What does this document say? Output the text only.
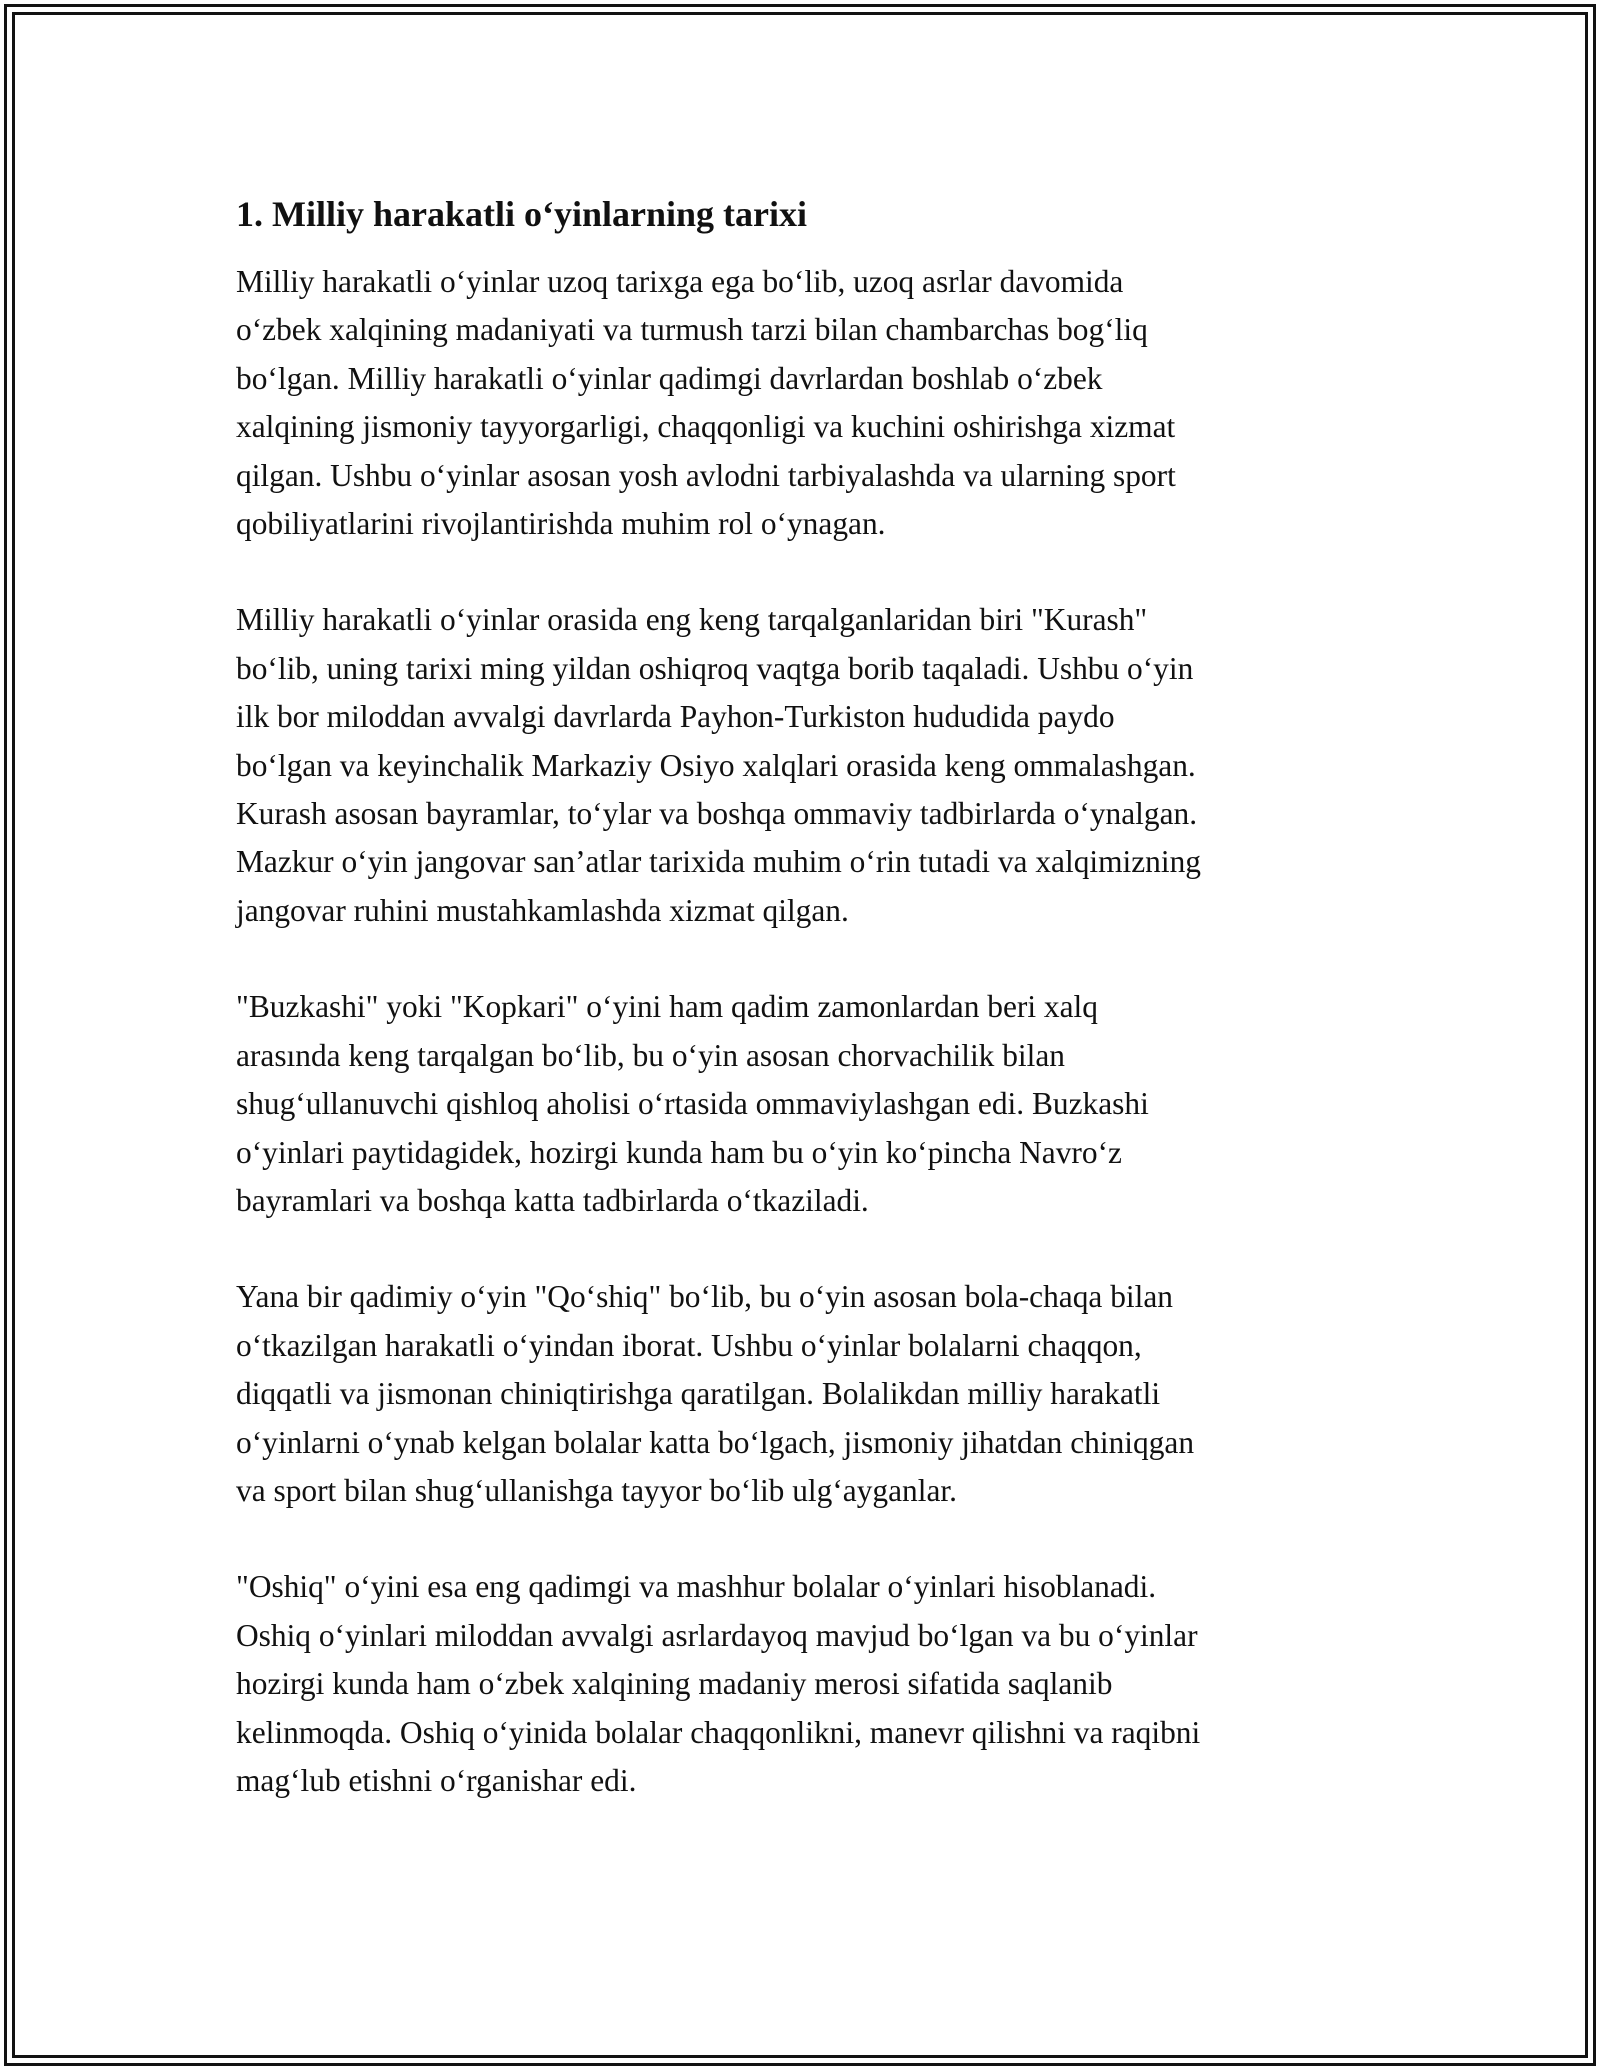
1. Milliy harakatli o‘yinlarning tarixi

Milliy harakatli o‘yinlar uzoq tarixga ega bo‘lib, uzoq asrlar davomida
o‘zbek xalqining madaniyati va turmush tarzi bilan chambarchas bog‘liq
bo‘lgan. Milliy harakatli o‘yinlar qadimgi davrlardan boshlab o‘zbek
xalqining jismoniy tayyorgarligi, chaqqonligi va kuchini oshirishga xizmat
qilgan. Ushbu o‘yinlar asosan yosh avlodni tarbiyalashda va ularning sport
qobiliyatlarini rivojlantirishda muhim rol o‘ynagan.

Milliy harakatli o‘yinlar orasida eng keng tarqalganlaridan biri "Kurash"
bo‘lib, uning tarixi ming yildan oshiqroq vaqtga borib taqaladi. Ushbu o‘yin
ilk bor miloddan avvalgi davrlarda Payhon-Turkiston hududida paydo
bo‘lgan va keyinchalik Markaziy Osiyo xalqlari orasida keng ommalashgan.
Kurash asosan bayramlar, to‘ylar va boshqa ommaviy tadbirlarda o‘ynalgan.
Mazkur o‘yin jangovar san’atlar tarixida muhim o‘rin tutadi va xalqimizning
jangovar ruhini mustahkamlashda xizmat qilgan.

"Buzkashi" yoki "Kopkari" o‘yini ham qadim zamonlardan beri xalq
arasında keng tarqalgan bo‘lib, bu o‘yin asosan chorvachilik bilan
shug‘ullanuvchi qishloq aholisi o‘rtasida ommaviylashgan edi. Buzkashi
o‘yinlari paytidagidek, hozirgi kunda ham bu o‘yin ko‘pincha Navro‘z
bayramlari va boshqa katta tadbirlarda o‘tkaziladi.

Yana bir qadimiy o‘yin "Qo‘shiq" bo‘lib, bu o‘yin asosan bola-chaqa bilan
o‘tkazilgan harakatli o‘yindan iborat. Ushbu o‘yinlar bolalarni chaqqon,
diqqatli va jismonan chiniqtirishga qaratilgan. Bolalikdan milliy harakatli
o‘yinlarni o‘ynab kelgan bolalar katta bo‘lgach, jismoniy jihatdan chiniqgan
va sport bilan shug‘ullanishga tayyor bo‘lib ulg‘ayganlar.

"Oshiq" o‘yini esa eng qadimgi va mashhur bolalar o‘yinlari hisoblanadi.
Oshiq o‘yinlari miloddan avvalgi asrlardayoq mavjud bo‘lgan va bu o‘yinlar
hozirgi kunda ham o‘zbek xalqining madaniy merosi sifatida saqlanib
kelinmoqda. Oshiq o‘yinida bolalar chaqqonlikni, manevr qilishni va raqibni
mag‘lub etishni o‘rganishar edi.
